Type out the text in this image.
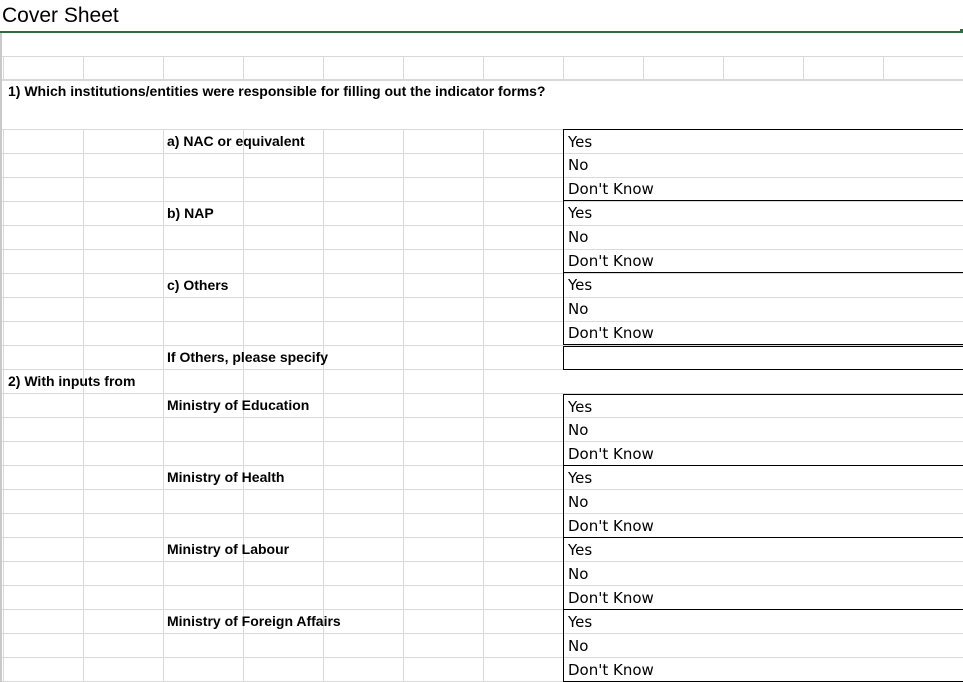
Cover Sheet
1) Which institutions/entities were responsible for filling out the indicator forms?
a) NAC or equivalent	Yes
No
Don't Know
b) NAP	Yes
No
Don't Know
c) Others	Yes
No
Don't Know
If Others, please specify
2) With inputs from
Ministry of Education	Yes
No
Don't Know
Ministry of Health	Yes
No
Don't Know
Ministry of Labour	Yes
No
Don't Know
Ministry of Foreign Affairs	Yes
No
Don't Know
